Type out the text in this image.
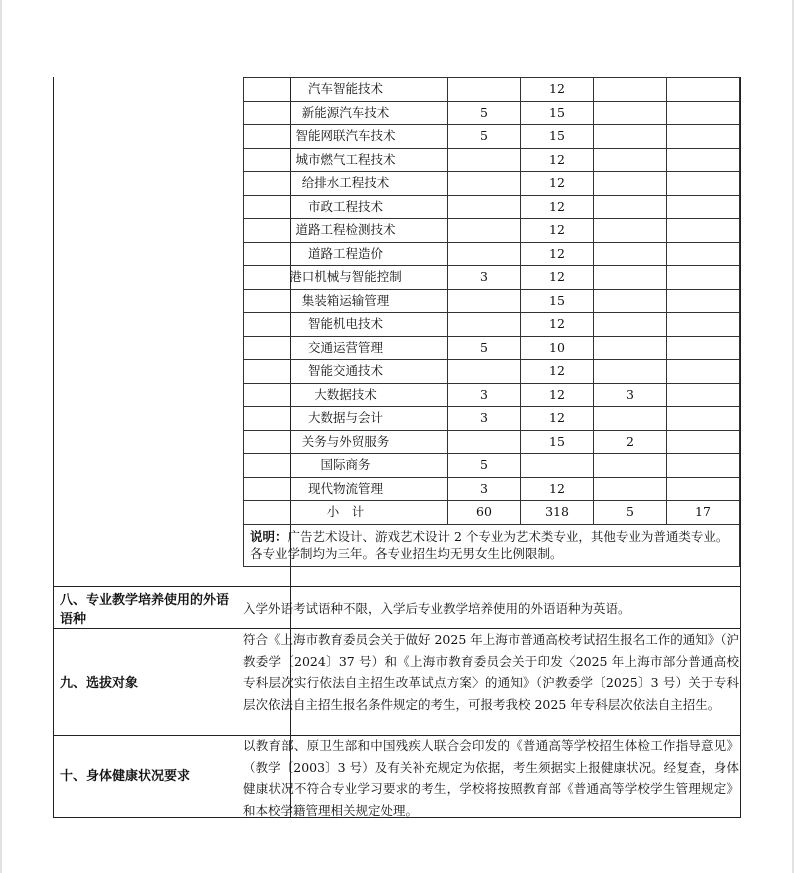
汽车智能技术		12		
新能源汽车技术	5	15		
智能网联汽车技术	5	15		
城市燃气工程技术		12		
给排水工程技术		12		
市政工程技术		12		
道路工程检测技术		12		
道路工程造价		12		
港口机械与智能控制	3	12		
集装箱运输管理		15		
智能机电技术		12		
交通运营管理	5	10		
智能交通技术		12		
大数据技术	3	12	3	
大数据与会计	3	12		
关务与外贸服务		15	2	
国际商务	5			
现代物流管理	3	12		
小　计	60	318	5	17
说明：广告艺术设计、游戏艺术设计 2 个专业为艺术类专业，其他专业为普通类专业。各专业学制均为三年。各专业招生均无男女生比例限制。				
八、专业教学培养使用的外语语种
入学外语考试语种不限，入学后专业教学培养使用的外语语种为英语。
九、选拔对象
符合《上海市教育委员会关于做好 2025 年上海市普通高校考试招生报名工作的通知》（沪教委学〔2024〕37 号）和《上海市教育委员会关于印发〈2025 年上海市部分普通高校专科层次实行依法自主招生改革试点方案〉的通知》（沪教委学〔2025〕3 号）关于专科层次依法自主招生报名条件规定的考生，可报考我校 2025 年专科层次依法自主招生。
十、身体健康状况要求
以教育部、原卫生部和中国残疾人联合会印发的《普通高等学校招生体检工作指导意见》（教学〔2003〕3 号）及有关补充规定为依据，考生须据实上报健康状况。经复查，身体健康状况不符合专业学习要求的考生，学校将按照教育部《普通高等学校学生管理规定》和本校学籍管理相关规定处理。
